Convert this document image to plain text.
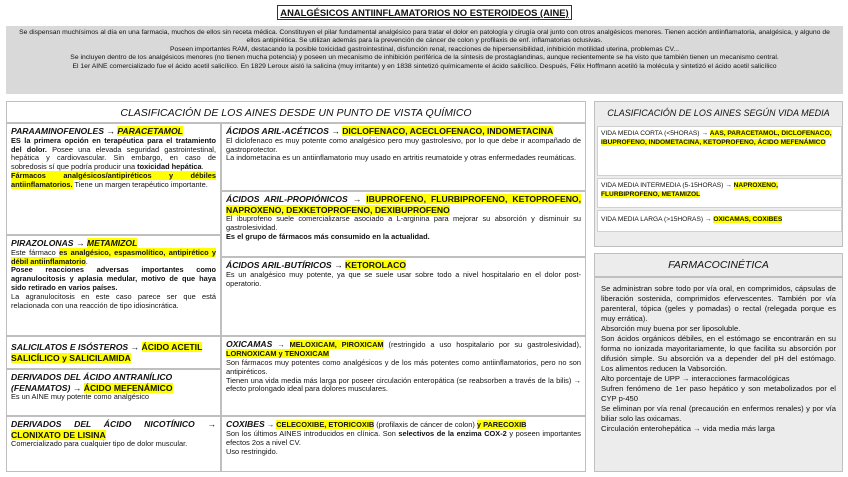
ANALGÉSICOS ANTIINFLAMATORIOS NO ESTEROIDEOS (AINE)
Se dispensan muchísimos al día en una farmacia, muchos de ellos sin receta médica. Constituyen el pilar fundamental analgésico para tratar el dolor en patología y cirugía oral junto con otros analgésicos menores. Tienen acción antiinflamatoria, analgésica, y alguno de ellos antipirética. Se utilizan además para la prevención de cáncer de colon y profilaxis de enf. inflamatorias oclusivas.
Poseen importantes RAM, destacando la posible toxicidad gastrointestinal, disfunción renal, reacciones de hipersensibilidad, inhibición motilidad uterina, problemas CV...
Se incluyen dentro de los analgésicos menores (no tienen mucha potencia) y poseen un mecanismo de inhibición periférica de la síntesis de prostaglandinas, aunque recientemente se ha visto que también tienen un mecanismo central.
El 1er AINE comercializado fue el ácido acetil salicílico. En 1829 Leroux aisló la salicina (muy irritante) y en 1838 sintetizó químicamente el ácido salicílico. Después, Félix Hoffmann acetiló la molécula y sintetizó el ácido acetil salicílico
CLASIFICACIÓN DE LOS AINES DESDE UN PUNTO DE VISTA QUÍMICO
PARAAMINOFENOLES → PARACETAMOL
ES la primera opción en terapéutica para el tratamiento del dolor. Posee una elevada seguridad gastrointestinal, hepática y cardiovascular. Sin embargo, en caso de sobredosis sí que podría producir una toxicidad hepática.
Fármacos analgésicos/antipiréticos y débiles antiinflamatorios. Tiene un margen terapéutico importante.
PIRAZOLONAS → METAMIZOL
Este fármaco es analgésico, espasmolítico, antipirético y débil antiinflamatorio.
Posee reacciones adversas importantes como agranulocitosis y aplasia medular, motivo de que haya sido retirado en varios países.
La agranulocitosis en este caso parece ser que está relacionada con una reacción de tipo idiosincrática.
SALICILATOS E ISÓSTEROS → ÁCIDO ACETIL SALICÍLICO y SALICILAMIDA
DERIVADOS DEL ÁCIDO ANTRANÍLICO (FENAMATOS) → ÁCIDO MEFENÁMICO
Es un AINE muy potente como analgésico
DERIVADOS DEL ÁCIDO NICOTÍNICO → CLONIXATO DE LISINA
Comercializado para cualquier tipo de dolor muscular.
ÁCIDOS ARIL-ACÉTICOS → DICLOFENACO, ACECLOFENACO, INDOMETACINA
El diclofenaco es muy potente como analgésico pero muy gastrolesivo, por lo que debe ir acompañado de gastroprotector.
La indometacina es un antiinflamatorio muy usado en artritis reumatoide y otras enfermedades reumáticas.
ÁCIDOS ARIL-PROPIÓNICOS → IBUPROFENO, FLURBIPROFENO, KETOPROFENO, NAPROXENO, DEXKETOPROFENO, DEXIBUPROFENO
El ibuprofeno suele comercializarse asociado a L-arginina para mejorar su absorción y disminuir su gastrolesividad.
Es el grupo de fármacos más consumido en la actualidad.
ÁCIDOS ARIL-BUTÍRICOS → KETOROLACO
Es un analgésico muy potente, ya que se suele usar sobre todo a nivel hospitalario en el dolor post-operatorio.
OXICAMAS → MELOXICAM, PIROXICAM (restringido a uso hospitalario por su gastrolesividad), LORNOXICAM y TENOXICAM
Son fármacos muy potentes como analgésicos y de los más potentes como antiinflamatorios, pero no son antipiréticos.
Tienen una vida media más larga por poseer circulación enteropática (se reabsorben a través de la bilis) → efecto prolongado ideal para dolores musculares.
COXIBES → CELECOXIBE, ETORICOXIB (profilaxis de cáncer de colon) y PARECOXIB
Son los últimos AINES introducidos en clínica. Son selectivos de la enzima COX-2 y poseen importantes efectos 2os a nivel CV.
Uso restringido.
CLASIFICACIÓN DE LOS AINES SEGÚN VIDA MEDIA
VIDA MEDIA CORTA (<5HORAS) → AAS, PARACETAMOL, DICLOFENACO, IBUPROFENO, INDOMETACINA, KETOPROFENO, ÁCIDO MEFENÁMICO
VIDA MEDIA INTERMEDIA (5-15HORAS) → NAPROXENO, FLURBIPROFENO, METAMIZOL
VIDA MEDIA LARGA (>15HORAS) → OXICAMAS, COXIBES
FARMACOCINÉTICA
Se administran sobre todo por vía oral, en comprimidos, cápsulas de liberación sostenida, comprimidos efervescentes. También por vía parenteral, tópica (geles y pomadas) o rectal (relegada porque es muy errática).
Absorción muy buena por ser liposoluble.
Son ácidos orgánicos débiles, en el estómago se encontrarán en su forma no ionizada mayoritariamente, lo que facilita su absorción por difusión simple. Su absorción va a depender del pH del estómago. Los alimentos reducen la Vabsorción.
Alto porcentaje de UPP → interacciones farmacológicas
Sufren fenómeno de 1er paso hepático y son metabolizados por el CYP p-450
Se eliminan por vía renal (precaución en enfermos renales) y por vía biliar solo las oxicamas.
Circulación enterohepática → vida media más larga
